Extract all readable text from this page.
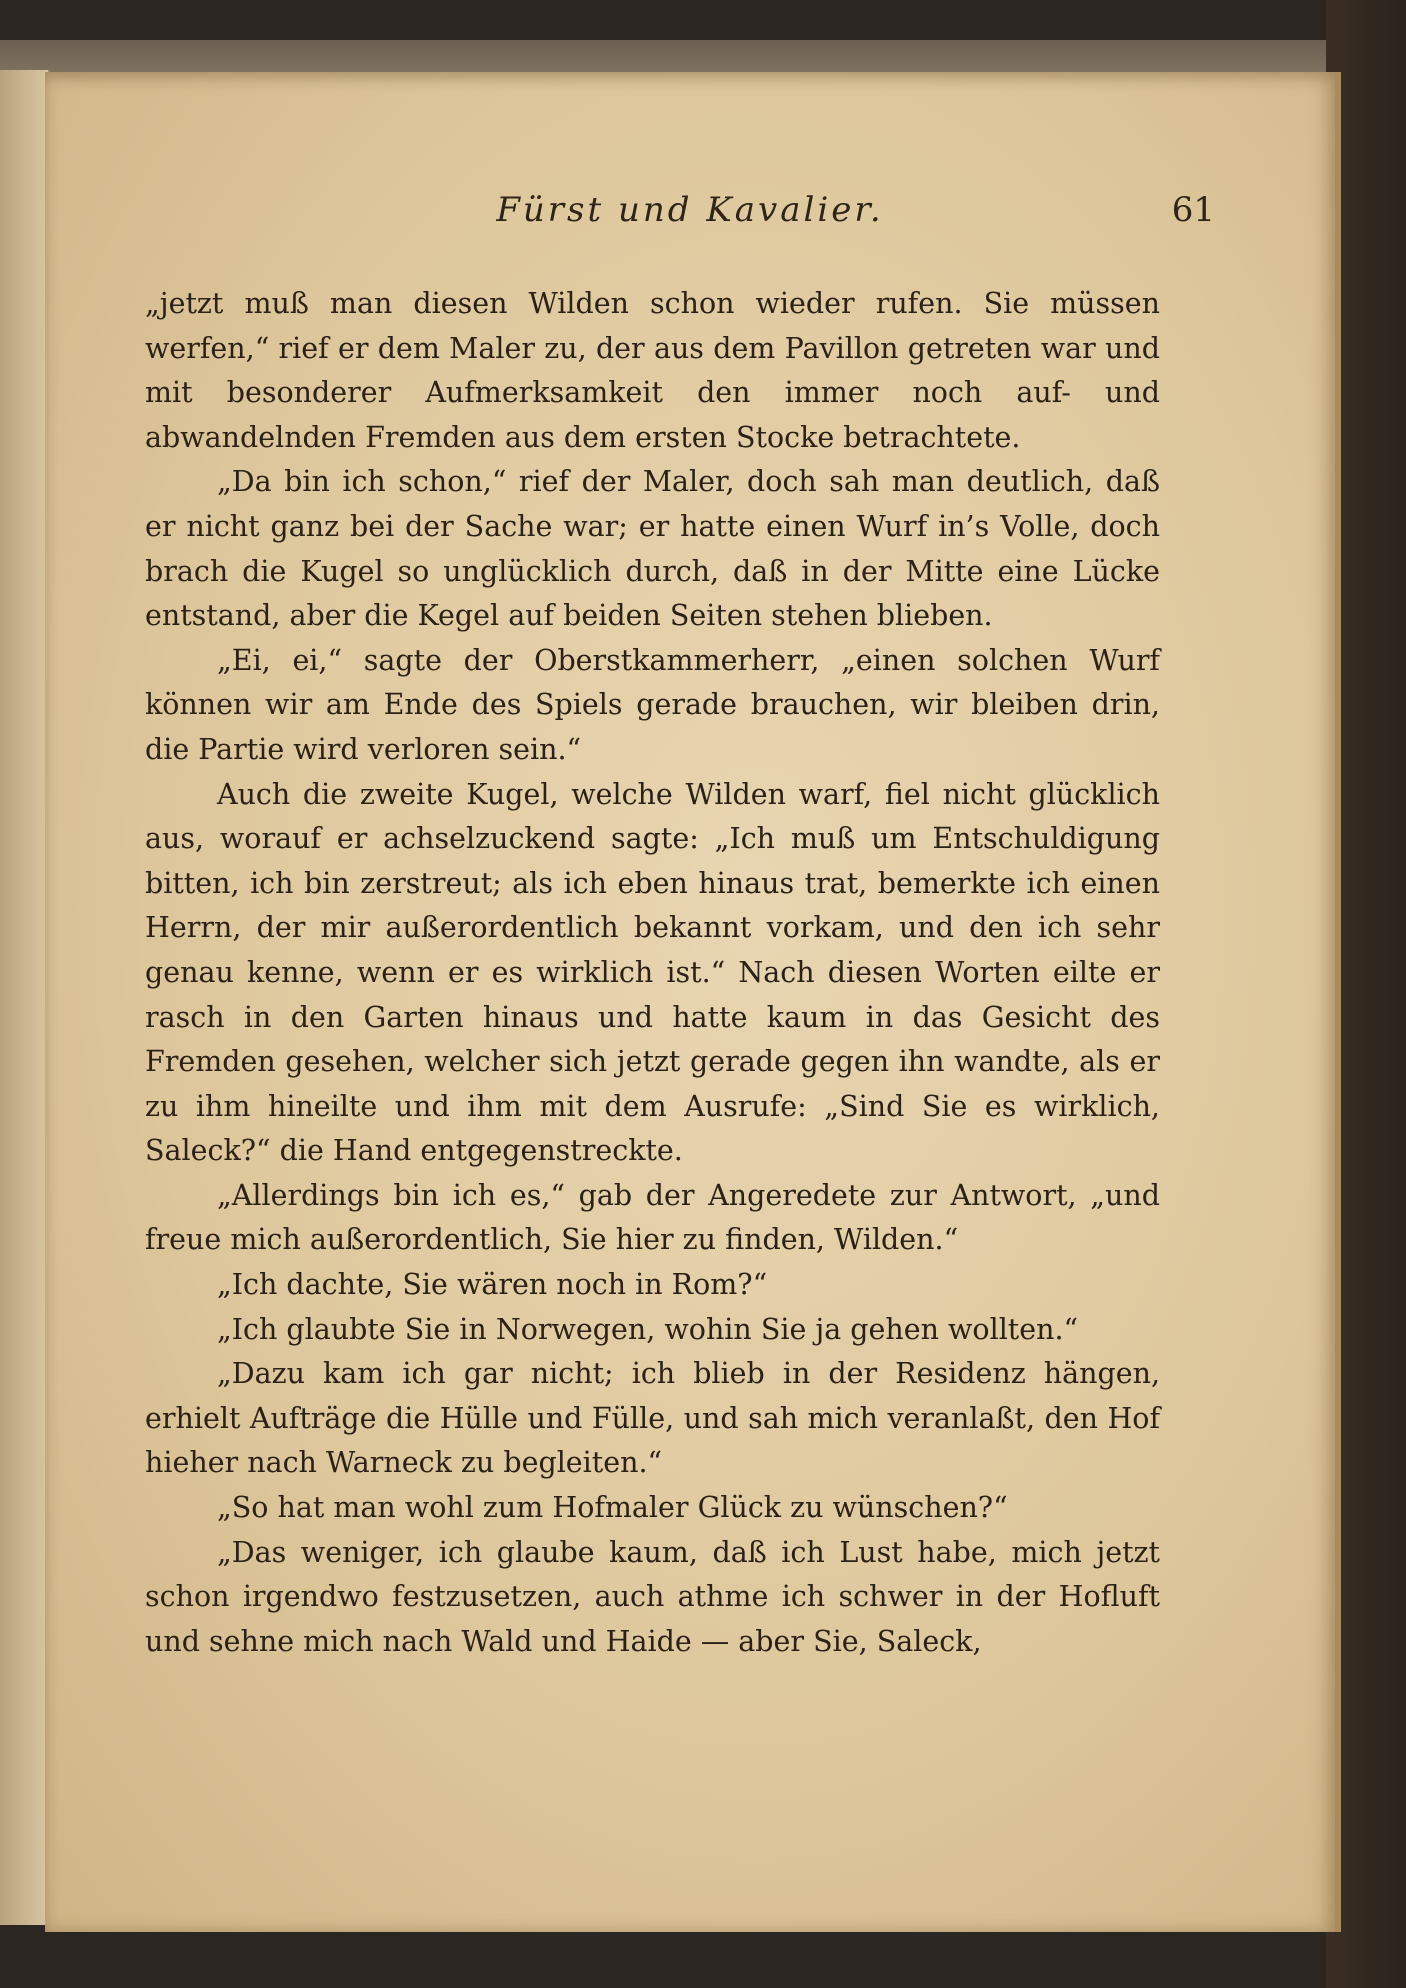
Fürst und Kavalier.	61

„jetzt muß man diesen Wilden schon wieder rufen. Sie müssen werfen,“ rief er dem Maler zu, der aus dem Pavillon getreten war und mit besonderer Aufmerksamkeit den immer noch auf- und abwandelnden Fremden aus dem ersten Stocke betrachtete.

„Da bin ich schon,“ rief der Maler, doch sah man deutlich, daß er nicht ganz bei der Sache war; er hatte einen Wurf in’s Volle, doch brach die Kugel so unglücklich durch, daß in der Mitte eine Lücke entstand, aber die Kegel auf beiden Seiten stehen blieben.

„Ei, ei,“ sagte der Oberstkammerherr, „einen solchen Wurf können wir am Ende des Spiels gerade brauchen, wir bleiben drin, die Partie wird verloren sein.“

Auch die zweite Kugel, welche Wilden warf, fiel nicht glücklich aus, worauf er achselzuckend sagte: „Ich muß um Entschuldigung bitten, ich bin zerstreut; als ich eben hinaus trat, bemerkte ich einen Herrn, der mir außerordentlich bekannt vorkam, und den ich sehr genau kenne, wenn er es wirklich ist.“ Nach diesen Worten eilte er rasch in den Garten hinaus und hatte kaum in das Gesicht des Fremden gesehen, welcher sich jetzt gerade gegen ihn wandte, als er zu ihm hineilte und ihm mit dem Ausrufe: „Sind Sie es wirklich, Saleck?“ die Hand entgegenstreckte.

„Allerdings bin ich es,“ gab der Angeredete zur Antwort, „und freue mich außerordentlich, Sie hier zu finden, Wilden.“

„Ich dachte, Sie wären noch in Rom?“

„Ich glaubte Sie in Norwegen, wohin Sie ja gehen wollten.“

„Dazu kam ich gar nicht; ich blieb in der Residenz hängen, erhielt Aufträge die Hülle und Fülle, und sah mich veranlaßt, den Hof hieher nach Warneck zu begleiten.“

„So hat man wohl zum Hofmaler Glück zu wünschen?“

„Das weniger, ich glaube kaum, daß ich Lust habe, mich jetzt schon irgendwo festzusetzen, auch athme ich schwer in der Hofluft und sehne mich nach Wald und Haide — aber Sie, Saleck,
